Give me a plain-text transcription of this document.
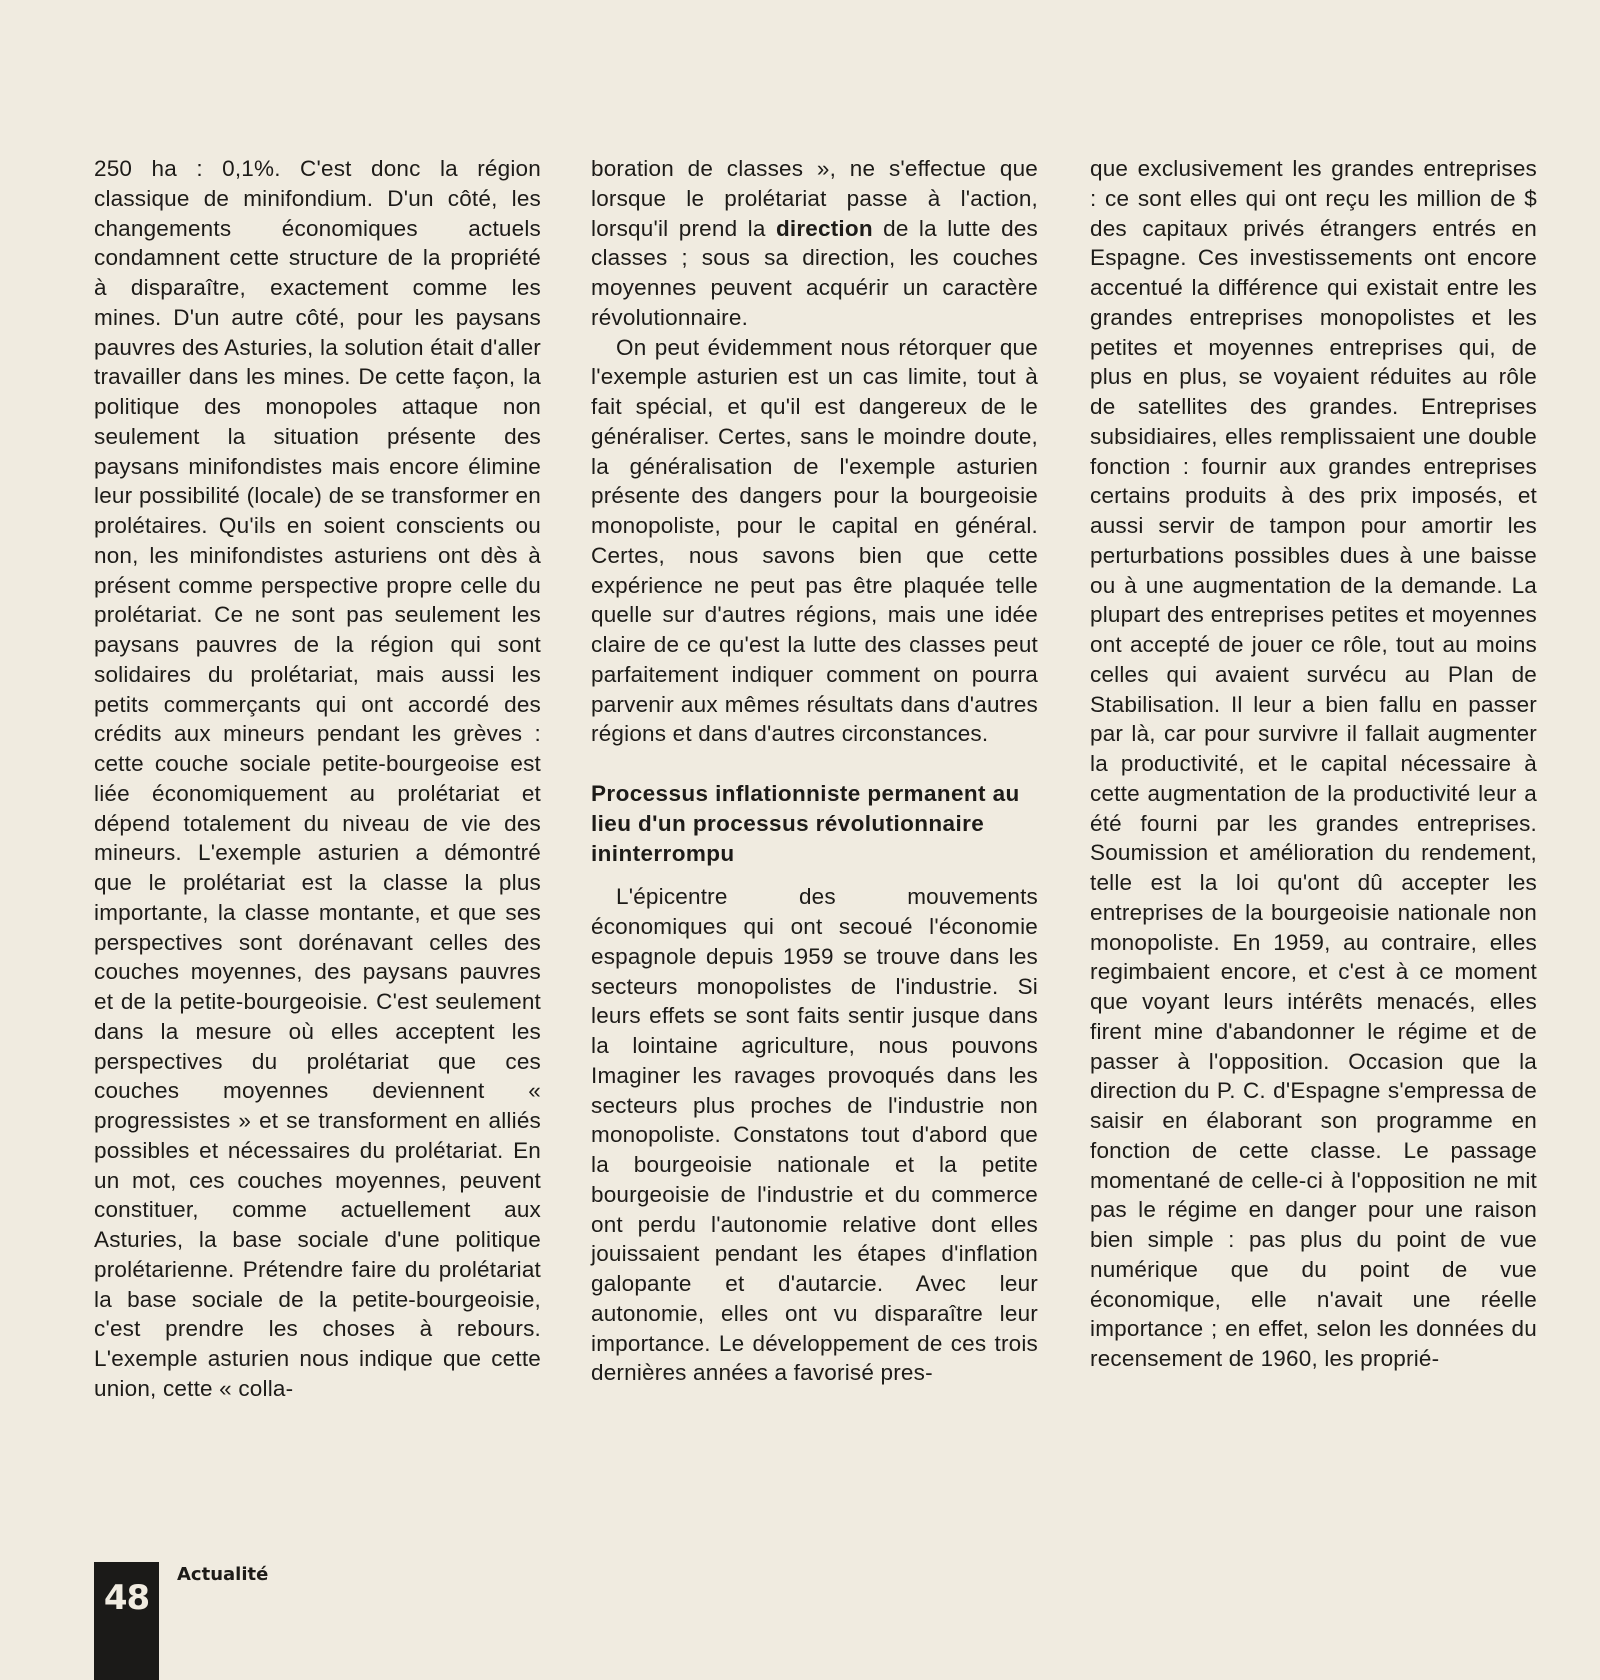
250 ha : 0,1%. C'est donc la région classique de minifondium. D'un côté, les changements économiques actuels condamnent cette structure de la propriété à disparaître, exactement comme les mines. D'un autre côté, pour les paysans pauvres des Asturies, la solution était d'aller travailler dans les mines. De cette façon, la politique des monopoles attaque non seulement la situation présente des paysans minifondistes mais encore élimine leur possibilité (locale) de se transformer en prolétaires. Qu'ils en soient conscients ou non, les minifondistes asturiens ont dès à présent comme perspective propre celle du prolétariat. Ce ne sont pas seulement les paysans pauvres de la région qui sont solidaires du prolétariat, mais aussi les petits commerçants qui ont accordé des crédits aux mineurs pendant les grèves : cette couche sociale petite-bourgeoise est liée économiquement au prolétariat et dépend totalement du niveau de vie des mineurs. L'exemple asturien a démontré que le prolétariat est la classe la plus importante, la classe montante, et que ses perspectives sont dorénavant celles des couches moyennes, des paysans pauvres et de la petite-bourgeoisie. C'est seulement dans la mesure où elles acceptent les perspectives du prolétariat que ces couches moyennes deviennent « progressistes » et se transforment en alliés possibles et nécessaires du prolétariat. En un mot, ces couches moyennes, peuvent constituer, comme actuellement aux Asturies, la base sociale d'une politique prolétarienne. Prétendre faire du prolétariat la base sociale de la petite-bourgeoisie, c'est prendre les choses à rebours. L'exemple asturien nous indique que cette union, cette « colla-

boration de classes », ne s'effectue que lorsque le prolétariat passe à l'action, lorsqu'il prend la direction de la lutte des classes ; sous sa direction, les couches moyennes peuvent acquérir un caractère révolutionnaire.

On peut évidemment nous rétorquer que l'exemple asturien est un cas limite, tout à fait spécial, et qu'il est dangereux de le généraliser. Certes, sans le moindre doute, la généralisation de l'exemple asturien présente des dangers pour la bourgeoisie monopoliste, pour le capital en général. Certes, nous savons bien que cette expérience ne peut pas être plaquée telle quelle sur d'autres régions, mais une idée claire de ce qu'est la lutte des classes peut parfaitement indiquer comment on pourra parvenir aux mêmes résultats dans d'autres régions et dans d'autres circonstances.

Processus inflationniste permanent au lieu d'un processus révolutionnaire ininterrompu

L'épicentre des mouvements économiques qui ont secoué l'économie espagnole depuis 1959 se trouve dans les secteurs monopolistes de l'industrie. Si leurs effets se sont faits sentir jusque dans la lointaine agriculture, nous pouvons Imaginer les ravages provoqués dans les secteurs plus proches de l'industrie non monopoliste. Constatons tout d'abord que la bourgeoisie nationale et la petite bourgeoisie de l'industrie et du commerce ont perdu l'autonomie relative dont elles jouissaient pendant les étapes d'inflation galopante et d'autarcie. Avec leur autonomie, elles ont vu disparaître leur importance. Le développement de ces trois dernières années a favorisé pres-

que exclusivement les grandes entreprises : ce sont elles qui ont reçu les million de $ des capitaux privés étrangers entrés en Espagne. Ces investissements ont encore accentué la différence qui existait entre les grandes entreprises monopolistes et les petites et moyennes entreprises qui, de plus en plus, se voyaient réduites au rôle de satellites des grandes. Entreprises subsidiaires, elles remplissaient une double fonction : fournir aux grandes entreprises certains produits à des prix imposés, et aussi servir de tampon pour amortir les perturbations possibles dues à une baisse ou à une augmentation de la demande. La plupart des entreprises petites et moyennes ont accepté de jouer ce rôle, tout au moins celles qui avaient survécu au Plan de Stabilisation. Il leur a bien fallu en passer par là, car pour survivre il fallait augmenter la productivité, et le capital nécessaire à cette augmentation de la productivité leur a été fourni par les grandes entreprises. Soumission et amélioration du rendement, telle est la loi qu'ont dû accepter les entreprises de la bourgeoisie nationale non monopoliste. En 1959, au contraire, elles regimbaient encore, et c'est à ce moment que voyant leurs intérêts menacés, elles firent mine d'abandonner le régime et de passer à l'opposition. Occasion que la direction du P. C. d'Espagne s'empressa de saisir en élaborant son programme en fonction de cette classe. Le passage momentané de celle-ci à l'opposition ne mit pas le régime en danger pour une raison bien simple : pas plus du point de vue numérique que du point de vue économique, elle n'avait une réelle importance ; en effet, selon les données du recensement de 1960, les proprié-

48
Actualité
